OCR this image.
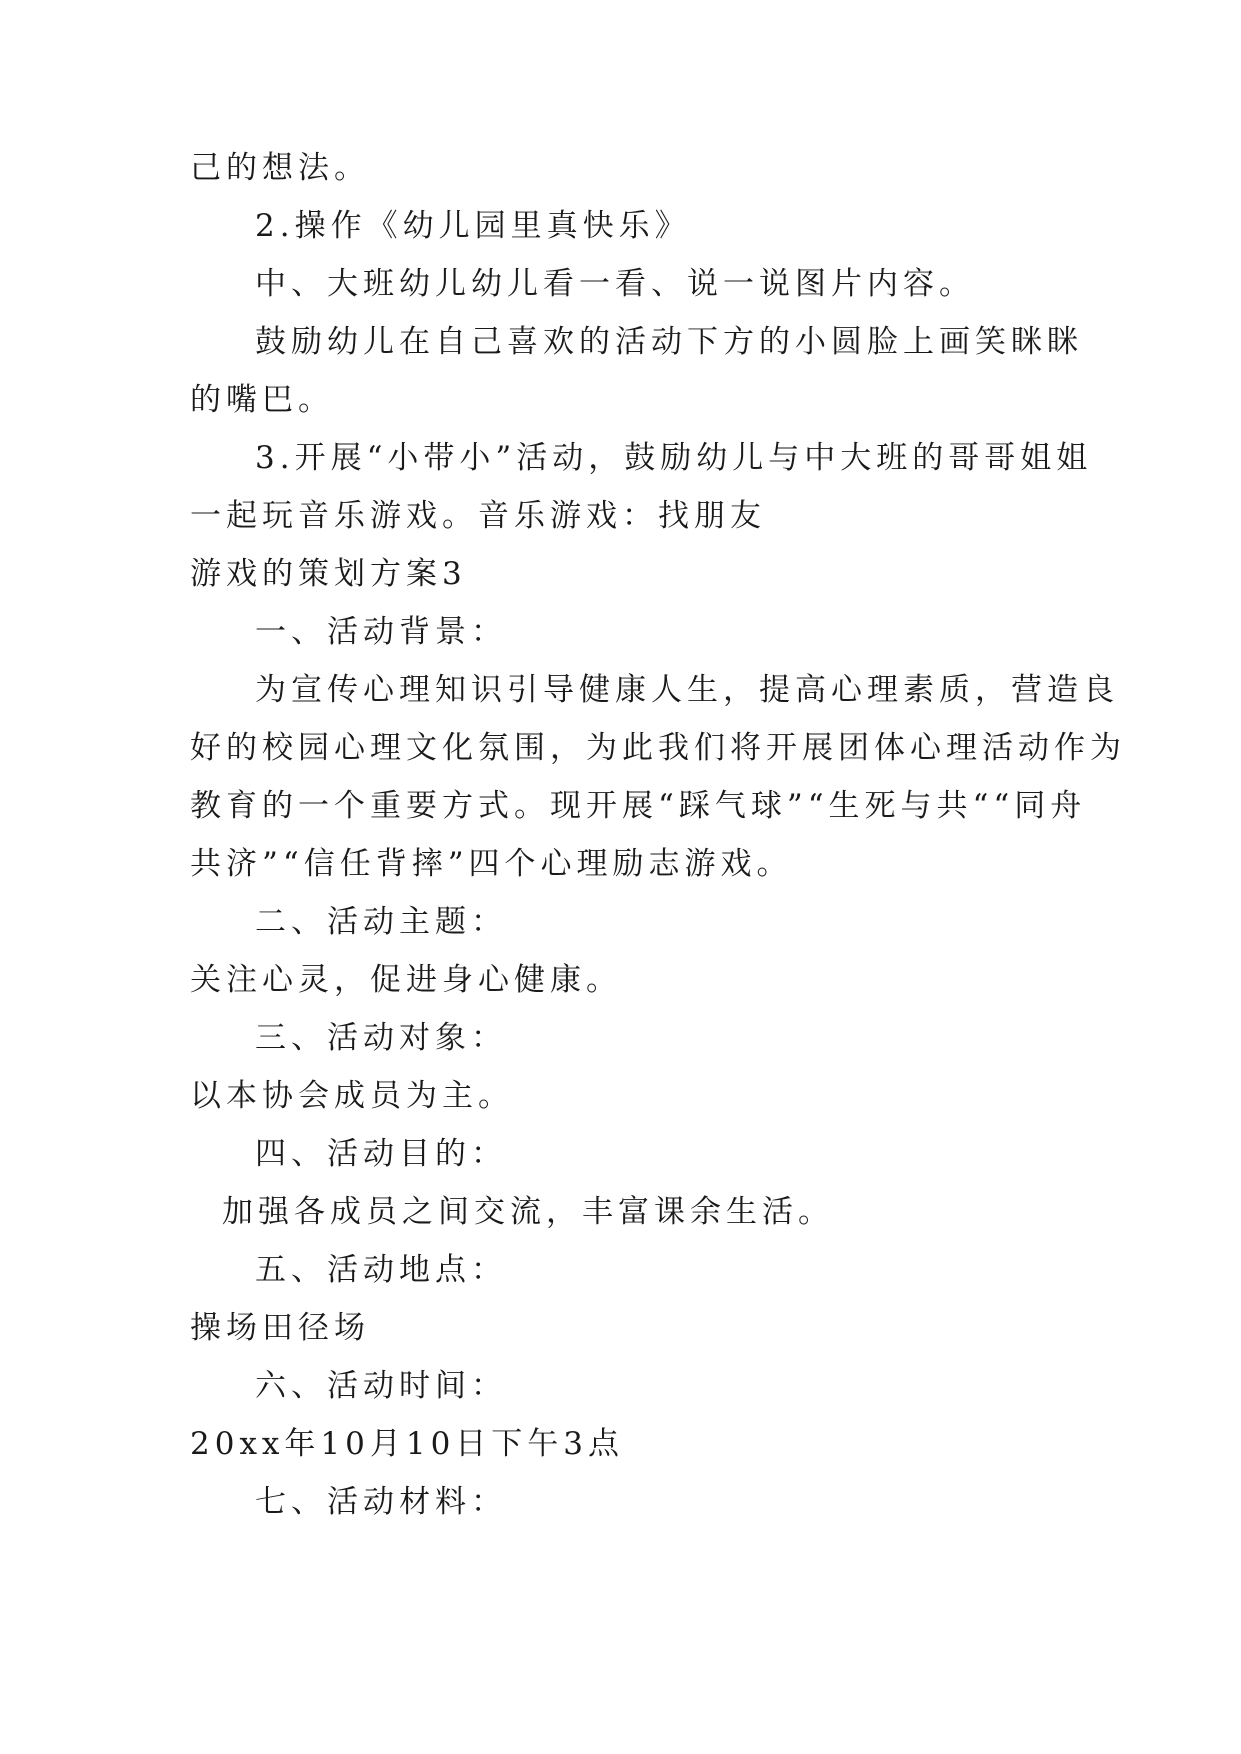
己的想法。
2.操作《幼儿园里真快乐》
中、大班幼儿幼儿看一看、说一说图片内容。
鼓励幼儿在自己喜欢的活动下方的小圆脸上画笑眯眯
的嘴巴。
3.开展“小带小”活动，鼓励幼儿与中大班的哥哥姐姐
一起玩音乐游戏。音乐游戏：找朋友
游戏的策划方案3
一、活动背景：
为宣传心理知识引导健康人生，提高心理素质，营造良
好的校园心理文化氛围，为此我们将开展团体心理活动作为
教育的一个重要方式。现开展“踩气球”“生死与共““同舟
共济”“信任背摔”四个心理励志游戏。
二、活动主题：
关注心灵，促进身心健康。
三、活动对象：
以本协会成员为主。
四、活动目的：
加强各成员之间交流，丰富课余生活。
五、活动地点：
操场田径场
六、活动时间：
20xx年10月10日下午3点
七、活动材料：
